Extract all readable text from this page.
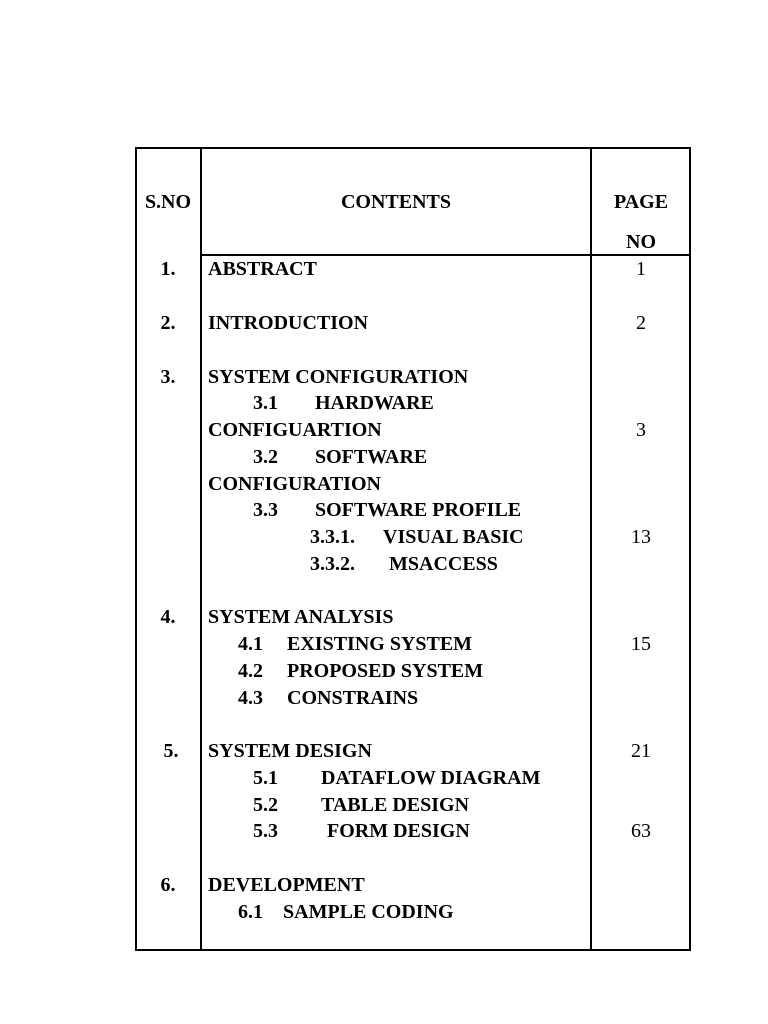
S.NO	CONTENTS	PAGE
NO
1. ABSTRACT	1
2. INTRODUCTION	2
3. SYSTEM CONFIGURATION
3.1 HARDWARE
CONFIGUARTION	3
3.2 SOFTWARE
CONFIGURATION
3.3 SOFTWARE PROFILE
3.3.1. VISUAL BASIC	13
3.3.2. MSACCESS
4. SYSTEM ANALYSIS
4.1 EXISTING SYSTEM	15
4.2 PROPOSED SYSTEM
4.3 CONSTRAINS
5. SYSTEM DESIGN	21
5.1 DATAFLOW DIAGRAM
5.2 TABLE DESIGN
5.3 FORM DESIGN	63
6. DEVELOPMENT
6.1 SAMPLE CODING
